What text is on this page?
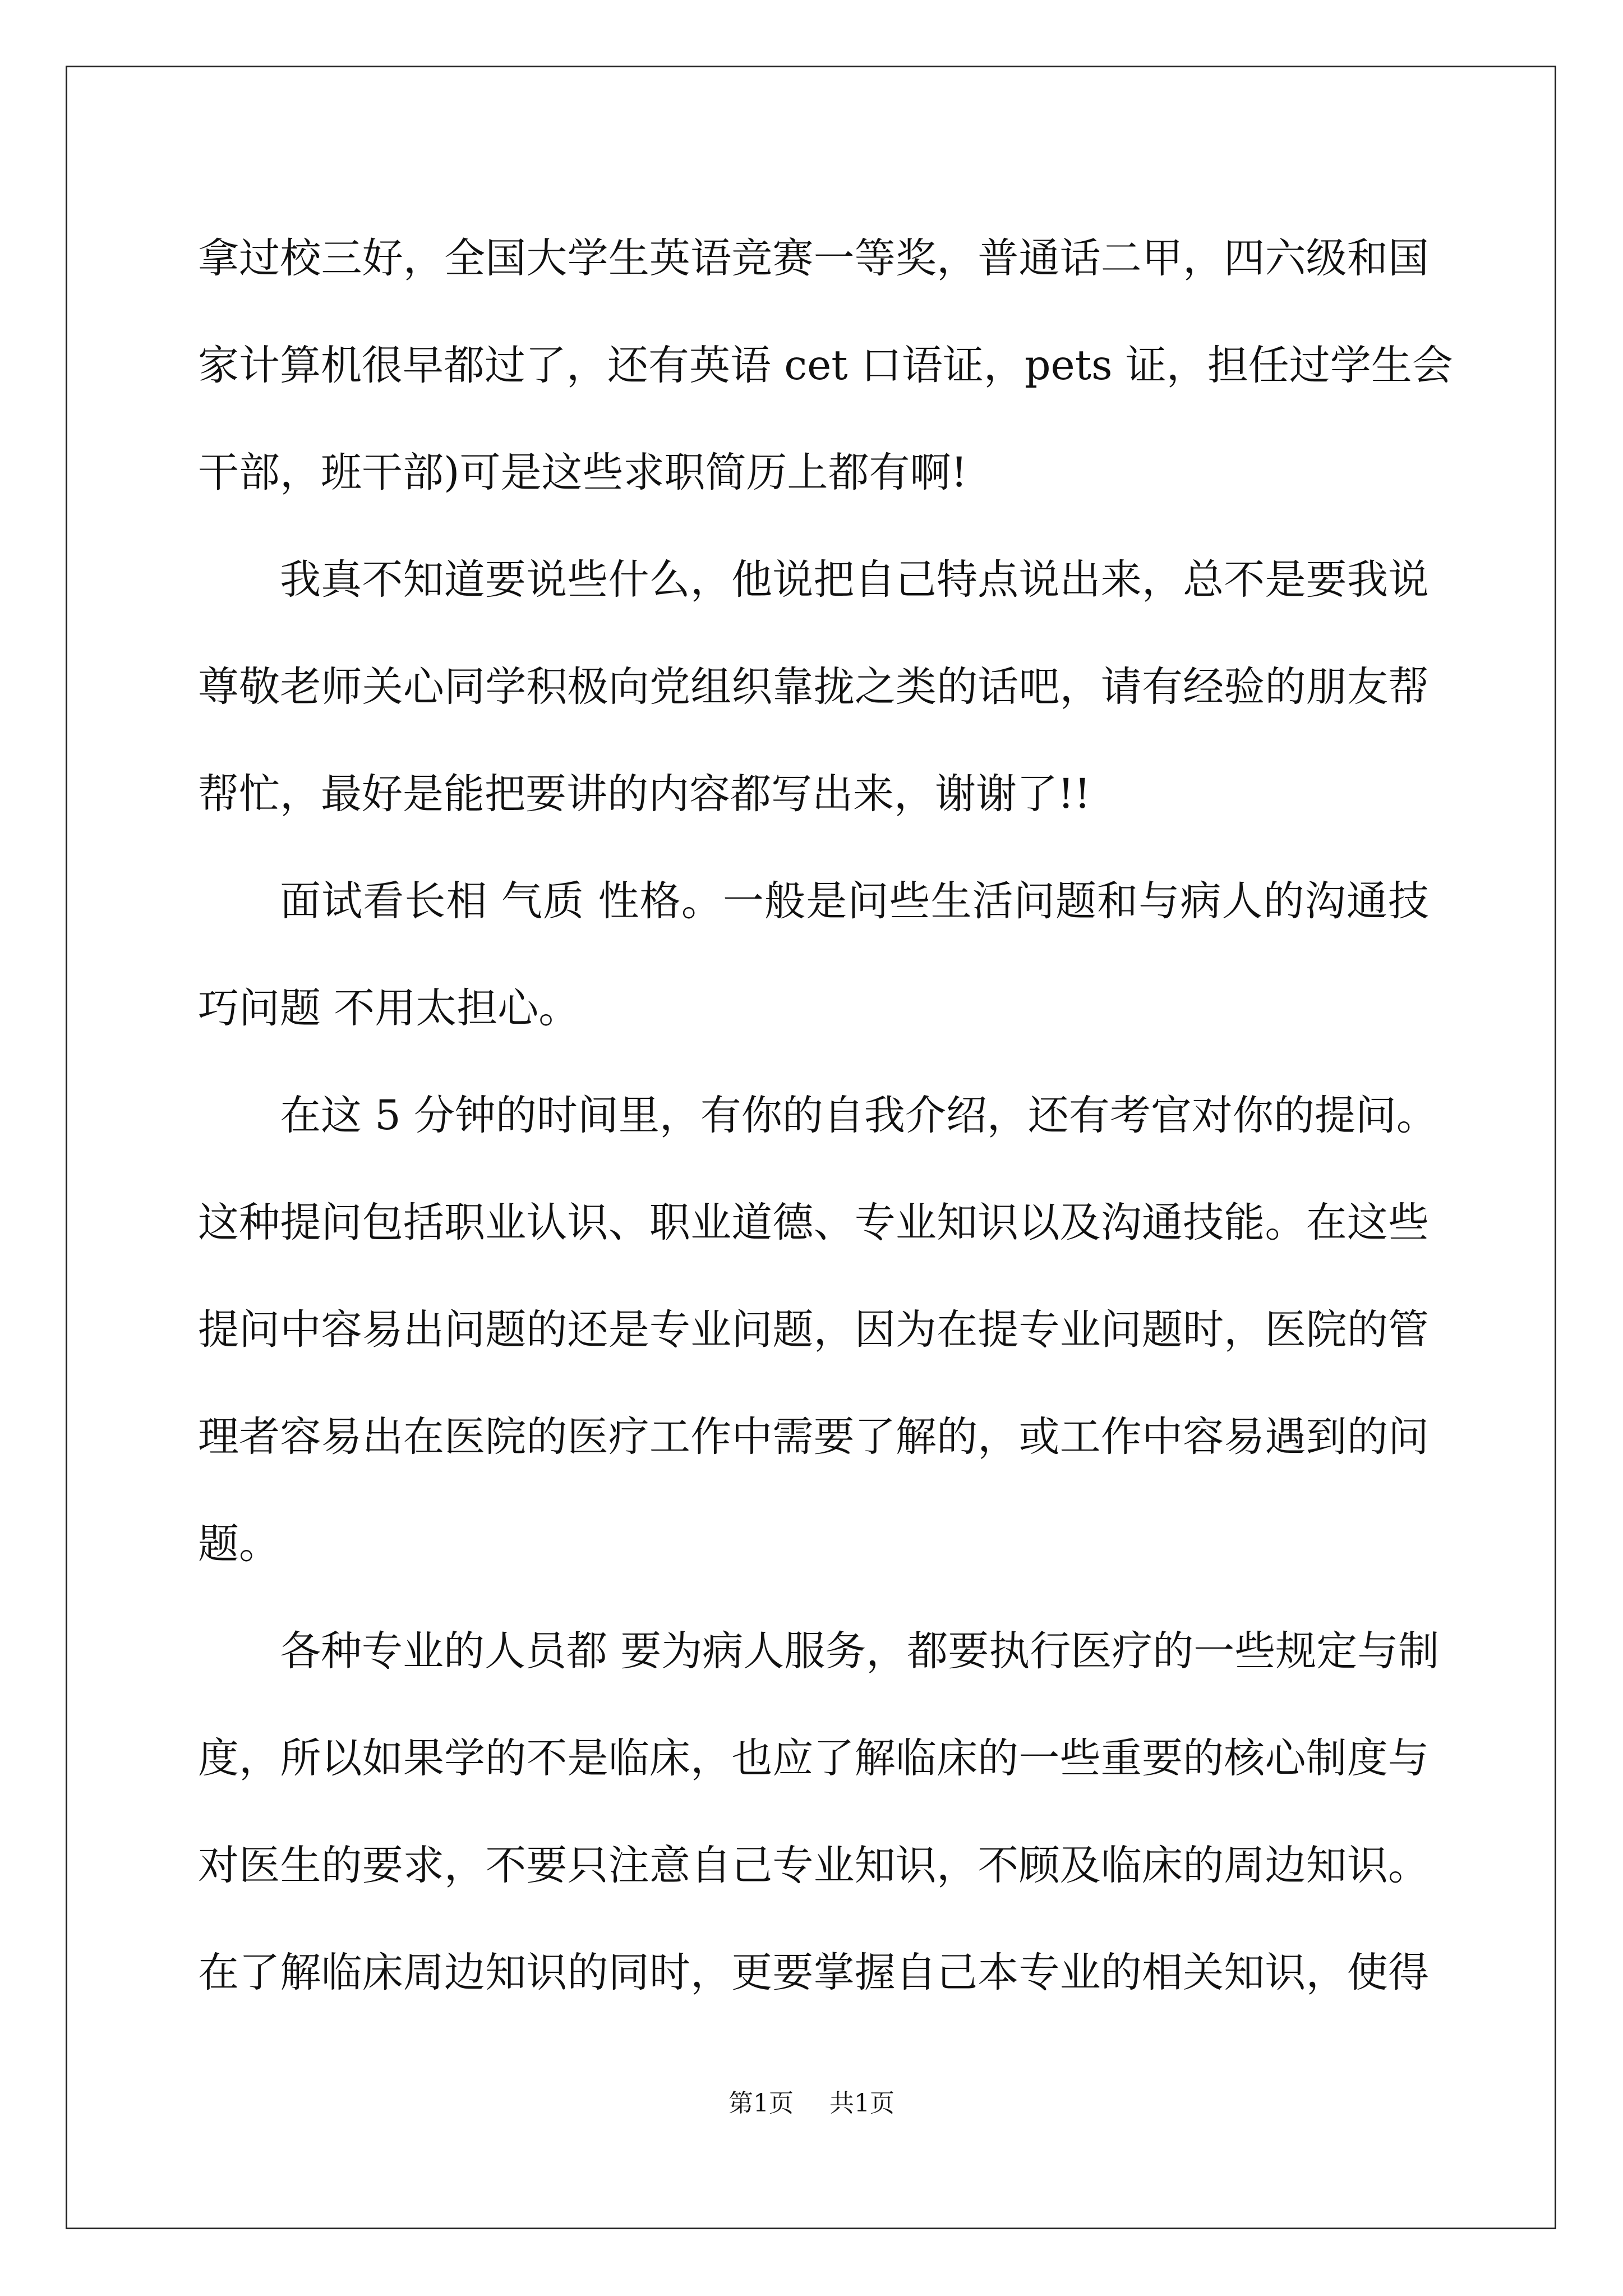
拿过校三好，全国大学生英语竞赛一等奖，普通话二甲，四六级和国
家计算机很早都过了，还有英语 cet 口语证，pets 证，担任过学生会
干部，班干部)可是这些求职简历上都有啊!
我真不知道要说些什么，他说把自己特点说出来，总不是要我说
尊敬老师关心同学积极向党组织靠拢之类的话吧，请有经验的朋友帮
帮忙，最好是能把要讲的内容都写出来，谢谢了!!
面试看长相 气质 性格。一般是问些生活问题和与病人的沟通技
巧问题 不用太担心。
在这 5 分钟的时间里，有你的自我介绍，还有考官对你的提问。
这种提问包括职业认识、职业道德、专业知识以及沟通技能。在这些
提问中容易出问题的还是专业问题，因为在提专业问题时，医院的管
理者容易出在医院的医疗工作中需要了解的，或工作中容易遇到的问
题。
各种专业的人员都 要为病人服务，都要执行医疗的一些规定与制
度，所以如果学的不是临床，也应了解临床的一些重要的核心制度与
对医生的要求，不要只注意自己专业知识，不顾及临床的周边知识。
在了解临床周边知识的同时，更要掌握自己本专业的相关知识，使得
第1页 共1页
